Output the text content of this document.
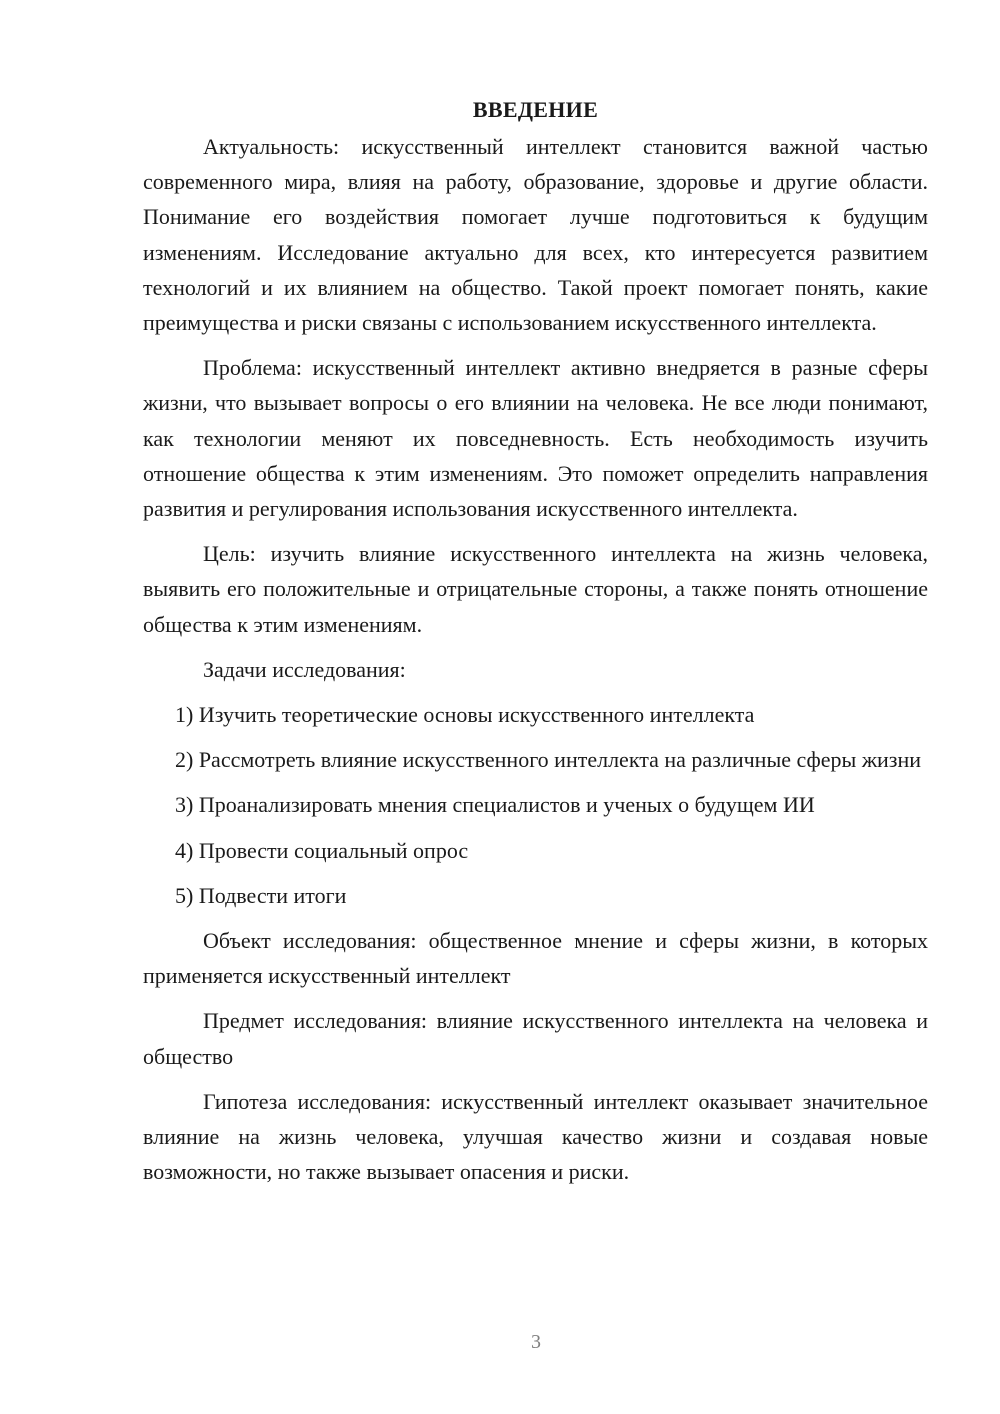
ВВЕДЕНИЕ

Актуальность: искусственный интеллект становится важной частью современного мира, влияя на работу, образование, здоровье и другие области. Понимание его воздействия помогает лучше подготовиться к будущим изменениям. Исследование актуально для всех, кто интересуется развитием технологий и их влиянием на общество. Такой проект помогает понять, какие преимущества и риски связаны с использованием искусственного интеллекта.

Проблема: искусственный интеллект активно внедряется в разные сферы жизни, что вызывает вопросы о его влиянии на человека. Не все люди понимают, как технологии меняют их повседневность. Есть необходимость изучить отношение общества к этим изменениям. Это поможет определить направления развития и регулирования использования искусственного интеллекта.

Цель: изучить влияние искусственного интеллекта на жизнь человека, выявить его положительные и отрицательные стороны, а также понять отношение общества к этим изменениям.

Задачи исследования:

1) Изучить теоретические основы искусственного интеллекта

2) Рассмотреть влияние искусственного интеллекта на различные сферы жизни

3) Проанализировать мнения специалистов и ученых о будущем ИИ

4) Провести социальный опрос

5) Подвести итоги

Объект исследования: общественное мнение и сферы жизни, в которых применяется искусственный интеллект

Предмет исследования: влияние искусственного интеллекта на человека и общество

Гипотеза исследования: искусственный интеллект оказывает значительное влияние на жизнь человека, улучшая качество жизни и создавая новые возможности, но также вызывает опасения и риски.

3
